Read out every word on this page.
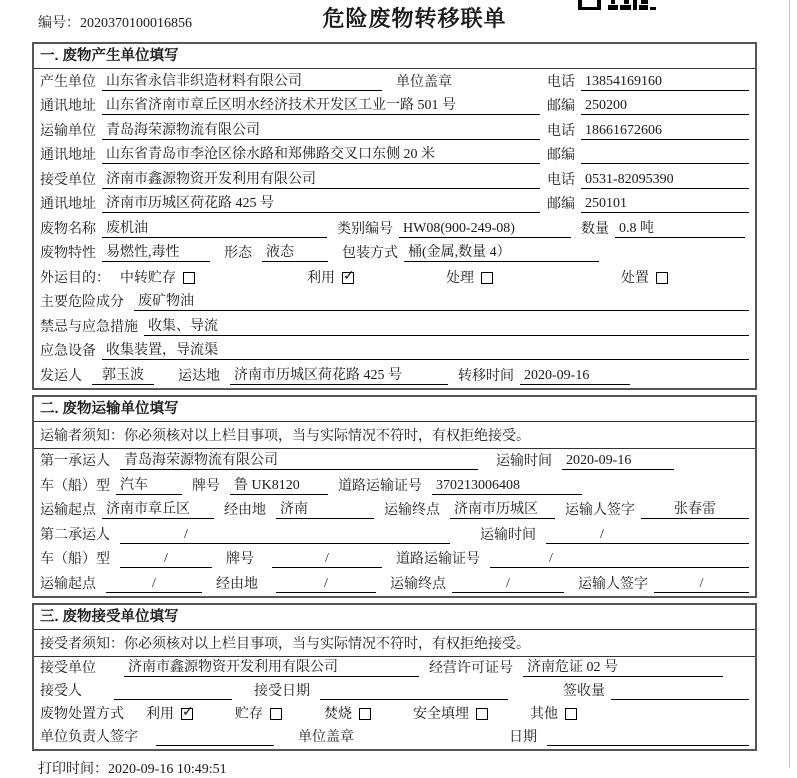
编号：2020370100016856	危险废物转移联单
一. 废物产生单位填写
产生单位 山东省永信非织造材料有限公司	单位盖章	电话 13854169160
通讯地址 山东省济南市章丘区明水经济技术开发区工业一路 501 号	邮编 250200
运输单位 青岛海荣源物流有限公司	电话 18661672606
通讯地址 山东省青岛市李沧区徐水路和郑佛路交叉口东侧 20 米	邮编
接受单位 济南市鑫源物资开发利用有限公司	电话 0531-82095390
通讯地址 济南市历城区荷花路 425 号	邮编 250101
废物名称 废机油	类别编号 HW08(900-249-08)	数量 0.8 吨
废物特性 易燃性,毒性	形态 液态	包装方式 桶(金属,数量 4）
外运目的： 中转贮存	利用 ✓	处理	处置
主要危险成分 废矿物油
禁忌与应急措施 收集、导流
应急设备 收集装置，导流渠
发运人	郭玉波	运达地 济南市历城区荷花路 425 号	转移时间 2020-09-16
二. 废物运输单位填写
运输者须知： 你必须核对以上栏目事项，当与实际情况不符时，有权拒绝接受。
第一承运人 青岛海荣源物流有限公司	运输时间 2020-09-16
车（船）型 汽车	牌号 鲁 UK8120	道路运输证号 370213006408
运输起点 济南市章丘区	经由地 济南	运输终点 济南市历城区	运输人签字	张春雷
第二承运人	/	运输时间	/
车（船）型	/	牌号	/	道路运输证号	/
运输起点	/	经由地	/	运输终点	/	运输人签字	/
三. 废物接受单位填写
接受者须知： 你必须核对以上栏目事项，当与实际情况不符时，有权拒绝接受。
接受单位 济南市鑫源物资开发利用有限公司	经营许可证号 济南危证 02 号
接受人	接受日期	签收量
废物处置方式 利用 ✓	贮存	焚烧	安全填埋	其他
单位负责人签字	单位盖章	日期
打印时间：2020-09-16 10:49:51
